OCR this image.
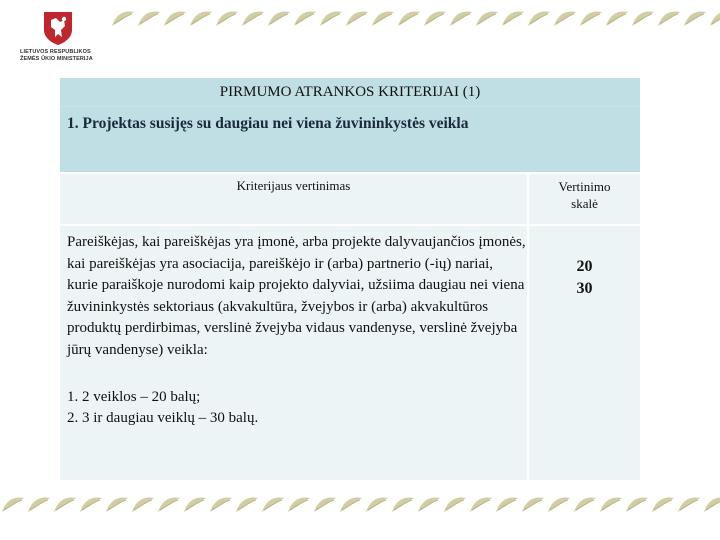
LIETUVOS RESPUBLIKOS
ŽEMĖS ŪKIO MINISTERIJA
PIRMUMO ATRANKOS KRITERIJAI (1)
1. Projektas susijęs su daugiau nei viena žuvininkystės veikla
Kriterijaus vertinimas	Vertinimo
skalė
Pareiškėjas, kai pareiškėjas yra įmonė, arba projekte dalyvaujančios įmonės, kai pareiškėjas yra asociacija, pareiškėjo ir (arba) partnerio (-ių) nariai, kurie paraiškoje nurodomi kaip projekto dalyviai, užsiima daugiau nei viena žuvininkystės sektoriaus (akvakultūra, žvejybos ir (arba) akvakultūros produktų perdirbimas, verslinė žvejyba vidaus vandenyse, verslinė žvejyba jūrų vandenyse) veikla:
1. 2 veiklos – 20 balų;
2. 3 ir daugiau veiklų – 30 balų.
20
30
